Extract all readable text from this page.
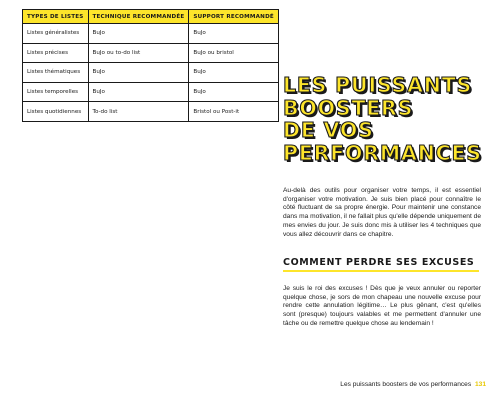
TYPES DE LISTES	TECHNIQUE RECOMMANDÉE	SUPPORT RECOMMANDÉ
Listes généralistes	BuJo	BuJo
Listes précises	BuJo ou to-do list	BuJo ou bristol
Listes thématiques	BuJo	BuJo
Listes temporelles	BuJo	BuJo
Listes quotidiennes	To-do list	Bristol ou Post-it
LES PUISSANTS
BOOSTERS
DE VOS
PERFORMANCES

Au-delà des outils pour organiser votre temps, il est essentiel d'organiser votre motivation. Je suis bien placé pour connaître le côté fluctuant de sa propre énergie. Pour maintenir une constance dans ma motivation, il ne fallait plus qu'elle dépende uniquement de mes envies du jour. Je suis donc mis à utiliser les 4 techniques que vous allez découvrir dans ce chapitre.

COMMENT PERDRE SES EXCUSES

Je suis le roi des excuses ! Dès que je veux annuler ou reporter quelque chose, je sors de mon chapeau une nouvelle excuse pour rendre cette annulation légitime… Le plus gênant, c'est qu'elles sont (presque) toujours valables et me permettent d'annuler une tâche ou de remettre quelque chose au lendemain !

Les puissants boosters de vos performances 131
